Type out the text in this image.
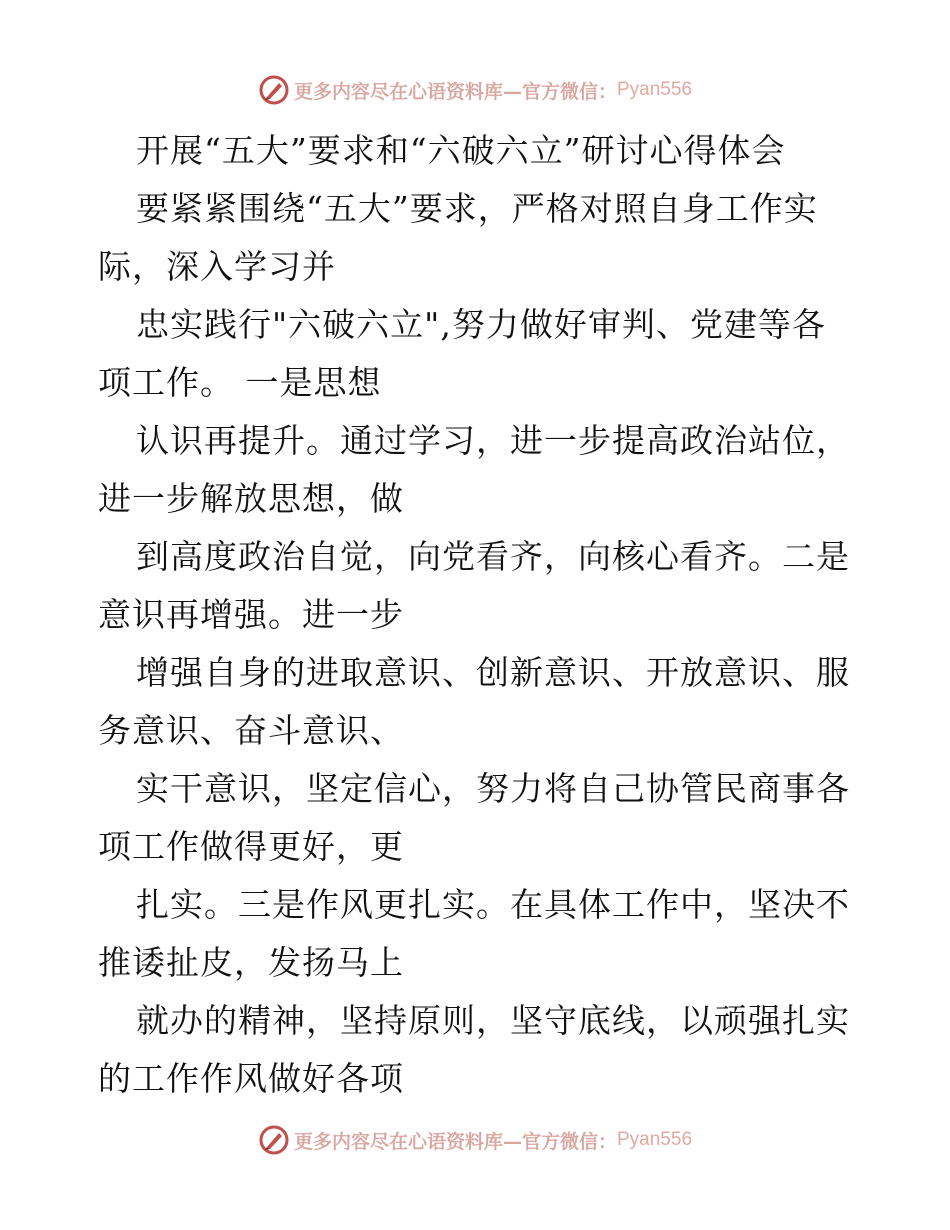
更多内容尽在心语资料库—官方微信： Pyan556
开展“五大”要求和“六破六立”研讨心得体会
要紧紧围绕“五大”要求，严格对照自身工作实
际，深入学习并
忠实践行"六破六立",努力做好审判、党建等各
项工作。 一是思想
认识再提升。通过学习，进一步提高政治站位，
进一步解放思想，做
到高度政治自觉，向党看齐，向核心看齐。二是
意识再增强。进一步
增强自身的进取意识、创新意识、开放意识、服
务意识、奋斗意识、
实干意识，坚定信心，努力将自己协管民商事各
项工作做得更好，更
扎实。三是作风更扎实。在具体工作中，坚决不
推诿扯皮，发扬马上
就办的精神，坚持原则，坚守底线，以顽强扎实
的工作作风做好各项
更多内容尽在心语资料库—官方微信： Pyan556
